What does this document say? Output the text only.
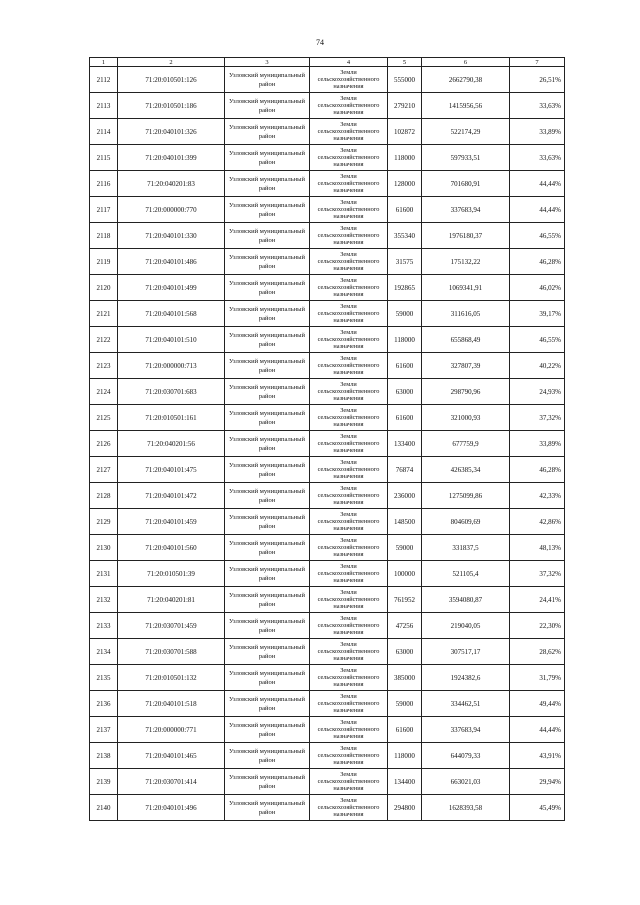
74
1	2	3	4	5	6	7
2112	71:20:010501:126	Узловский муниципальный район	Земли сельскохозяйственного назначения	555000	2662790,38	26,51%
2113	71:20:010501:186	Узловский муниципальный район	Земли сельскохозяйственного назначения	279210	1415956,56	33,63%
2114	71:20:040101:326	Узловский муниципальный район	Земли сельскохозяйственного назначения	102872	522174,29	33,89%
2115	71:20:040101:399	Узловский муниципальный район	Земли сельскохозяйственного назначения	118000	597933,51	33,63%
2116	71:20:040201:83	Узловский муниципальный район	Земли сельскохозяйственного назначения	128000	701680,91	44,44%
2117	71:20:000000:770	Узловский муниципальный район	Земли сельскохозяйственного назначения	61600	337683,94	44,44%
2118	71:20:040101:330	Узловский муниципальный район	Земли сельскохозяйственного назначения	355340	1976180,37	46,55%
2119	71:20:040101:486	Узловский муниципальный район	Земли сельскохозяйственного назначения	31575	175132,22	46,28%
2120	71:20:040101:499	Узловский муниципальный район	Земли сельскохозяйственного назначения	192865	1069341,91	46,02%
2121	71:20:040101:568	Узловский муниципальный район	Земли сельскохозяйственного назначения	59000	311616,05	39,17%
2122	71:20:040101:510	Узловский муниципальный район	Земли сельскохозяйственного назначения	118000	655868,49	46,55%
2123	71:20:000000:713	Узловский муниципальный район	Земли сельскохозяйственного назначения	61600	327807,39	40,22%
2124	71:20:030701:683	Узловский муниципальный район	Земли сельскохозяйственного назначения	63000	298790,96	24,93%
2125	71:20:010501:161	Узловский муниципальный район	Земли сельскохозяйственного назначения	61600	321000,93	37,32%
2126	71:20:040201:56	Узловский муниципальный район	Земли сельскохозяйственного назначения	133400	677759,9	33,89%
2127	71:20:040101:475	Узловский муниципальный район	Земли сельскохозяйственного назначения	76874	426385,34	46,28%
2128	71:20:040101:472	Узловский муниципальный район	Земли сельскохозяйственного назначения	236000	1275099,86	42,33%
2129	71:20:040101:459	Узловский муниципальный район	Земли сельскохозяйственного назначения	148500	804609,69	42,86%
2130	71:20:040101:560	Узловский муниципальный район	Земли сельскохозяйственного назначения	59000	331837,5	48,13%
2131	71:20:010501:39	Узловский муниципальный район	Земли сельскохозяйственного назначения	100000	521105,4	37,32%
2132	71:20:040201:81	Узловский муниципальный район	Земли сельскохозяйственного назначения	761952	3594080,87	24,41%
2133	71:20:030701:459	Узловский муниципальный район	Земли сельскохозяйственного назначения	47256	219040,05	22,30%
2134	71:20:030701:588	Узловский муниципальный район	Земли сельскохозяйственного назначения	63000	307517,17	28,62%
2135	71:20:010501:132	Узловский муниципальный район	Земли сельскохозяйственного назначения	385000	1924382,6	31,79%
2136	71:20:040101:518	Узловский муниципальный район	Земли сельскохозяйственного назначения	59000	334462,51	49,44%
2137	71:20:000000:771	Узловский муниципальный район	Земли сельскохозяйственного назначения	61600	337683,94	44,44%
2138	71:20:040101:465	Узловский муниципальный район	Земли сельскохозяйственного назначения	118000	644079,33	43,91%
2139	71:20:030701:414	Узловский муниципальный район	Земли сельскохозяйственного назначения	134400	663021,03	29,94%
2140	71:20:040101:496	Узловский муниципальный район	Земли сельскохозяйственного назначения	294800	1628393,58	45,49%
